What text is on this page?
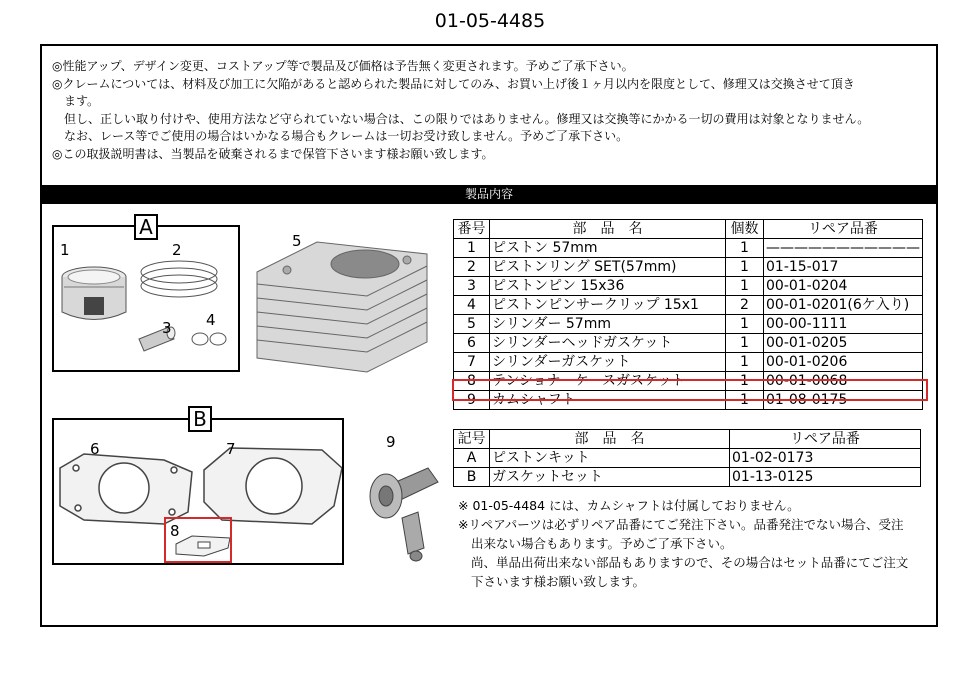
01-05-4485

◎性能アップ、デザイン変更、コストアップ等で製品及び価格は予告無く変更されます。予めご了承下さい。

◎クレームについては、材料及び加工に欠陥があると認められた製品に対してのみ、お買い上げ後１ヶ月以内を限度として、修理又は交換させて頂き

ます。

但し、正しい取り付けや、使用方法など守られていない場合は、この限りではありません。修理又は交換等にかかる一切の費用は対象となりません。

なお、レース等でご使用の場合はいかなる場合もクレームは一切お受け致しません。予めご了承下さい。

◎この取扱説明書は、当製品を破棄されるまで保管下さいます様お願い致します。

製品内容
1	2
3 4
A
5
6	7
B
8
9
番号	部　品　名	個数	リペア品番
1	ピストン 57mm	1	———————————
2	ピストンリング SET(57mm)	1	01-15-017
3	ピストンピン 15x36	1	00-01-0204
4	ピストンピンサークリップ 15x1	2	00-01-0201(6ケ入り)
5	シリンダー 57mm	1	00-00-1111
6	シリンダーヘッドガスケット	1	00-01-0205
7	シリンダーガスケット	1	00-01-0206
8	テンショナーケースガスケット	1	00-01-0068
9	カムシャフト	1	01-08-0175
記号	部　品　名	リペア品番
A	ピストンキット	01-02-0173
B	ガスケットセット	01-13-0125

※ 01-05-4484 には、カムシャフトは付属しておりません。

※リペアパーツは必ずリペア品番にてご発注下さい。品番発注でない場合、受注

出来ない場合もあります。予めご了承下さい。

尚、単品出荷出来ない部品もありますので、その場合はセット品番にてご注文

下さいます様お願い致します。
